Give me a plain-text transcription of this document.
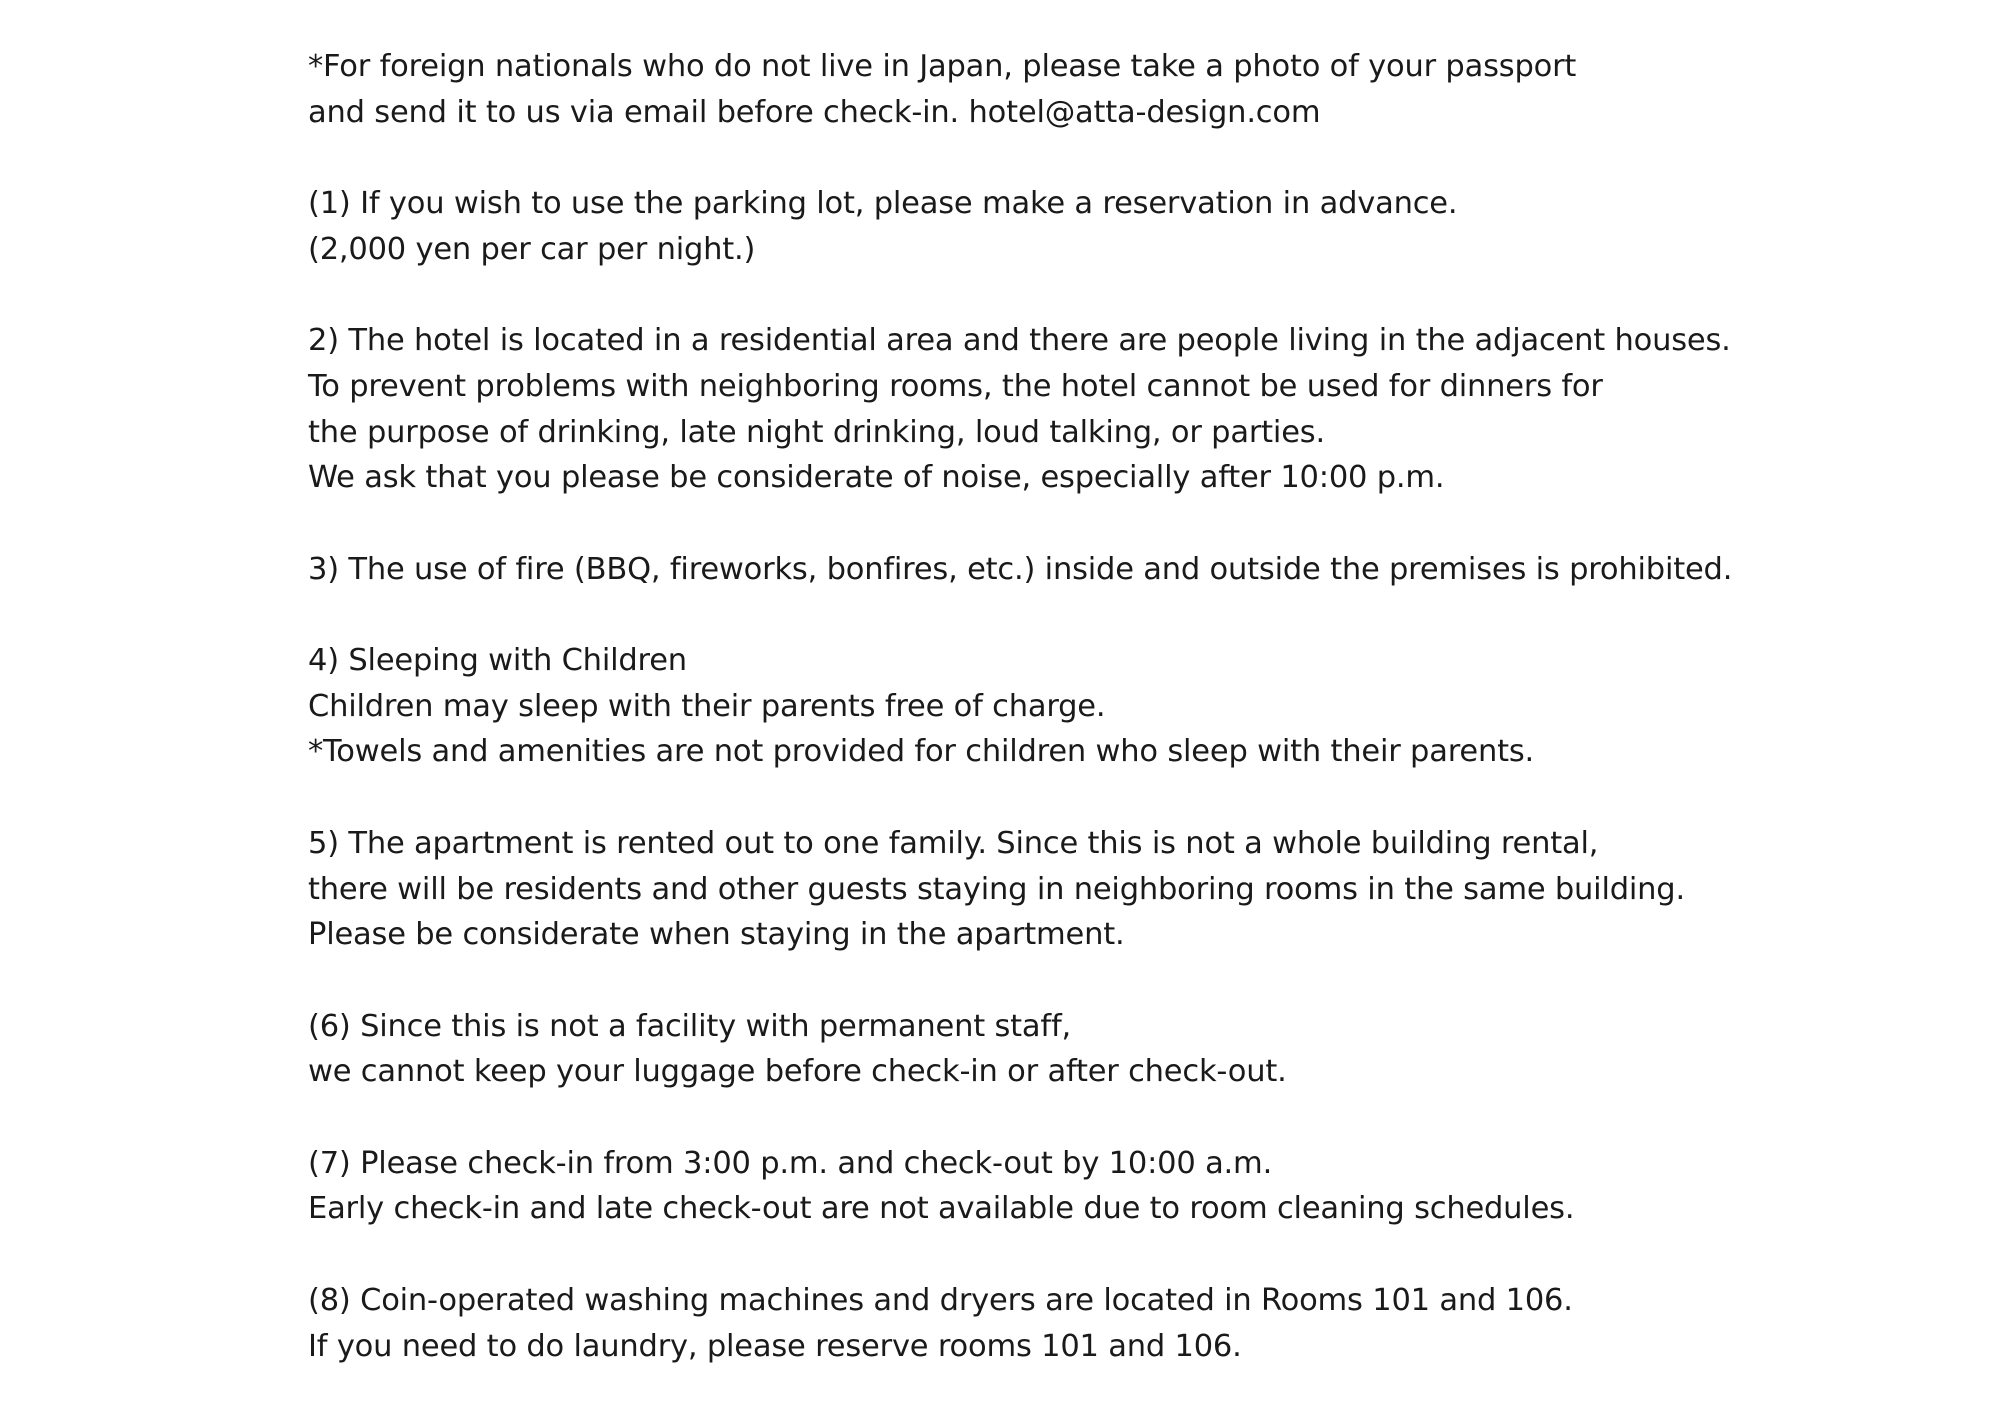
*For foreign nationals who do not live in Japan, please take a photo of your passport
and send it to us via email before check-in. hotel@atta-design.com
(1) If you wish to use the parking lot, please make a reservation in advance.
(2,000 yen per car per night.)
2) The hotel is located in a residential area and there are people living in the adjacent houses.
To prevent problems with neighboring rooms, the hotel cannot be used for dinners for
the purpose of drinking, late night drinking, loud talking, or parties.
We ask that you please be considerate of noise, especially after 10:00 p.m.
3) The use of fire (BBQ, fireworks, bonfires, etc.) inside and outside the premises is prohibited.
4) Sleeping with Children
Children may sleep with their parents free of charge.
*Towels and amenities are not provided for children who sleep with their parents.
5) The apartment is rented out to one family. Since this is not a whole building rental,
there will be residents and other guests staying in neighboring rooms in the same building.
Please be considerate when staying in the apartment.
(6) Since this is not a facility with permanent staff,
we cannot keep your luggage before check-in or after check-out.
(7) Please check-in from 3:00 p.m. and check-out by 10:00 a.m.
Early check-in and late check-out are not available due to room cleaning schedules.
(8) Coin-operated washing machines and dryers are located in Rooms 101 and 106.
If you need to do laundry, please reserve rooms 101 and 106.
